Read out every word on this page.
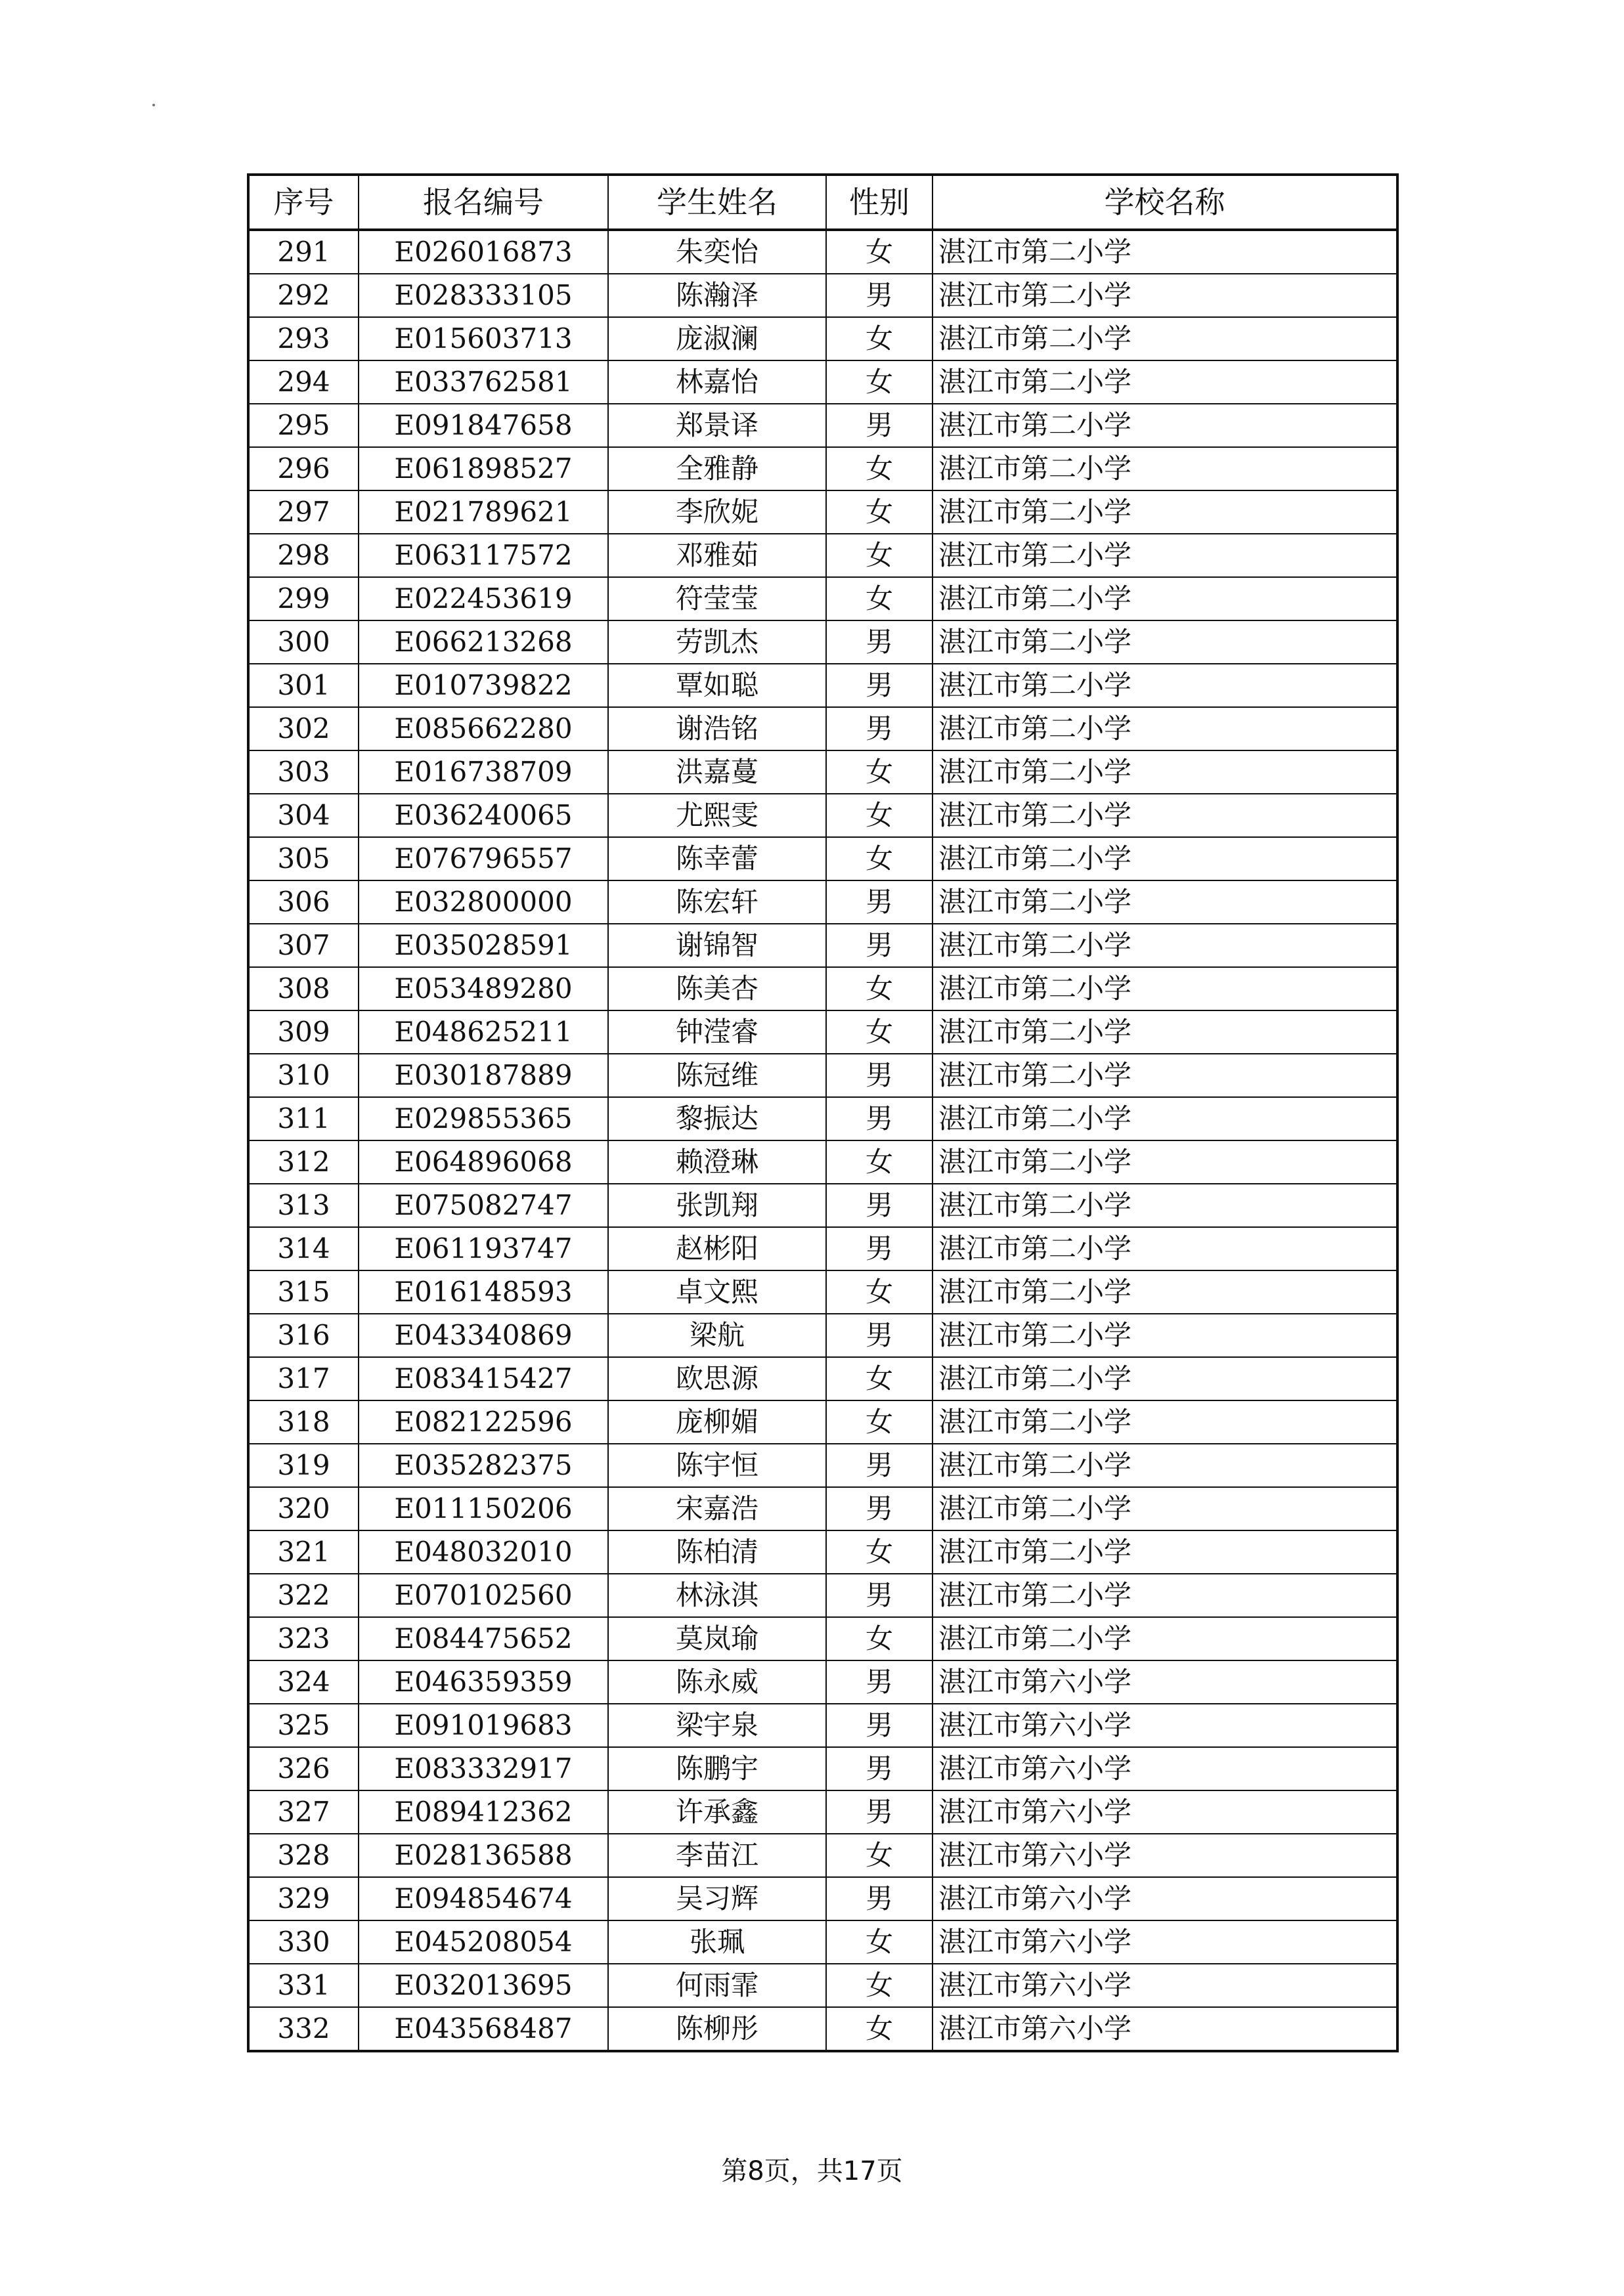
序号	报名编号	学生姓名	性别	学校名称
291	E026016873	朱奕怡	女	湛江市第二小学
292	E028333105	陈瀚泽	男	湛江市第二小学
293	E015603713	庞淑澜	女	湛江市第二小学
294	E033762581	林嘉怡	女	湛江市第二小学
295	E091847658	郑景译	男	湛江市第二小学
296	E061898527	全雅静	女	湛江市第二小学
297	E021789621	李欣妮	女	湛江市第二小学
298	E063117572	邓雅茹	女	湛江市第二小学
299	E022453619	符莹莹	女	湛江市第二小学
300	E066213268	劳凯杰	男	湛江市第二小学
301	E010739822	覃如聪	男	湛江市第二小学
302	E085662280	谢浩铭	男	湛江市第二小学
303	E016738709	洪嘉蔓	女	湛江市第二小学
304	E036240065	尤熙雯	女	湛江市第二小学
305	E076796557	陈幸蕾	女	湛江市第二小学
306	E032800000	陈宏轩	男	湛江市第二小学
307	E035028591	谢锦智	男	湛江市第二小学
308	E053489280	陈美杏	女	湛江市第二小学
309	E048625211	钟滢睿	女	湛江市第二小学
310	E030187889	陈冠维	男	湛江市第二小学
311	E029855365	黎振达	男	湛江市第二小学
312	E064896068	赖澄琳	女	湛江市第二小学
313	E075082747	张凯翔	男	湛江市第二小学
314	E061193747	赵彬阳	男	湛江市第二小学
315	E016148593	卓文熙	女	湛江市第二小学
316	E043340869	梁航	男	湛江市第二小学
317	E083415427	欧思源	女	湛江市第二小学
318	E082122596	庞柳媚	女	湛江市第二小学
319	E035282375	陈宇恒	男	湛江市第二小学
320	E011150206	宋嘉浩	男	湛江市第二小学
321	E048032010	陈柏清	女	湛江市第二小学
322	E070102560	林泳淇	男	湛江市第二小学
323	E084475652	莫岚瑜	女	湛江市第二小学
324	E046359359	陈永威	男	湛江市第六小学
325	E091019683	梁宇泉	男	湛江市第六小学
326	E083332917	陈鹏宇	男	湛江市第六小学
327	E089412362	许承鑫	男	湛江市第六小学
328	E028136588	李苗江	女	湛江市第六小学
329	E094854674	吴习辉	男	湛江市第六小学
330	E045208054	张珮	女	湛江市第六小学
331	E032013695	何雨霏	女	湛江市第六小学
332	E043568487	陈柳彤	女	湛江市第六小学
第8页，共17页
